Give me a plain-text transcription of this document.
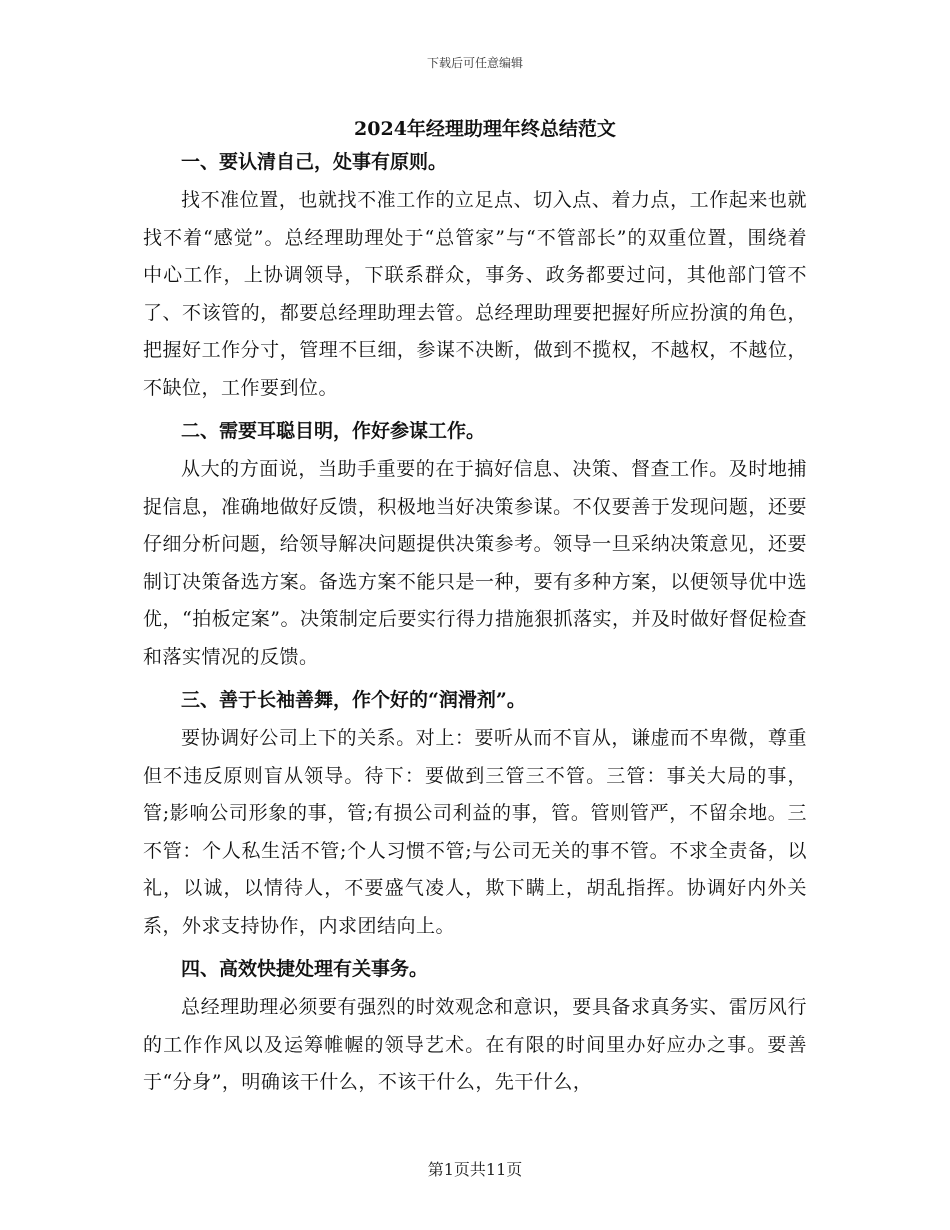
下载后可任意编辑
2024年经理助理年终总结范文
一、要认清自己，处事有原则。

找不准位置，也就找不准工作的立足点、切入点、着力点，工作起来也就找不着“感觉”。总经理助理处于“总管家”与“不管部长”的双重位置，围绕着中心工作，上协调领导，下联系群众，事务、政务都要过问，其他部门管不了、不该管的，都要总经理助理去管。总经理助理要把握好所应扮演的角色，把握好工作分寸，管理不巨细，参谋不决断，做到不揽权，不越权，不越位，不缺位，工作要到位。

二、需要耳聪目明，作好参谋工作。

从大的方面说，当助手重要的在于搞好信息、决策、督查工作。及时地捕捉信息，准确地做好反馈，积极地当好决策参谋。不仅要善于发现问题，还要仔细分析问题，给领导解决问题提供决策参考。领导一旦采纳决策意见，还要制订决策备选方案。备选方案不能只是一种，要有多种方案，以便领导优中选优，“拍板定案”。决策制定后要实行得力措施狠抓落实，并及时做好督促检查和落实情况的反馈。

三、善于长袖善舞，作个好的“润滑剂”。

要协调好公司上下的关系。对上：要听从而不盲从，谦虚而不卑微，尊重但不违反原则盲从领导。待下：要做到三管三不管。三管：事关大局的事，管;影响公司形象的事，管;有损公司利益的事，管。管则管严，不留余地。三不管：个人私生活不管;个人习惯不管;与公司无关的事不管。不求全责备，以礼，以诚，以情待人，不要盛气凌人，欺下瞒上，胡乱指挥。协调好内外关系，外求支持协作，内求团结向上。

四、高效快捷处理有关事务。

总经理助理必须要有强烈的时效观念和意识，要具备求真务实、雷厉风行的工作作风以及运筹帷幄的领导艺术。在有限的时间里办好应办之事。要善于“分身”，明确该干什么，不该干什么，先干什么，

第1页共11页
